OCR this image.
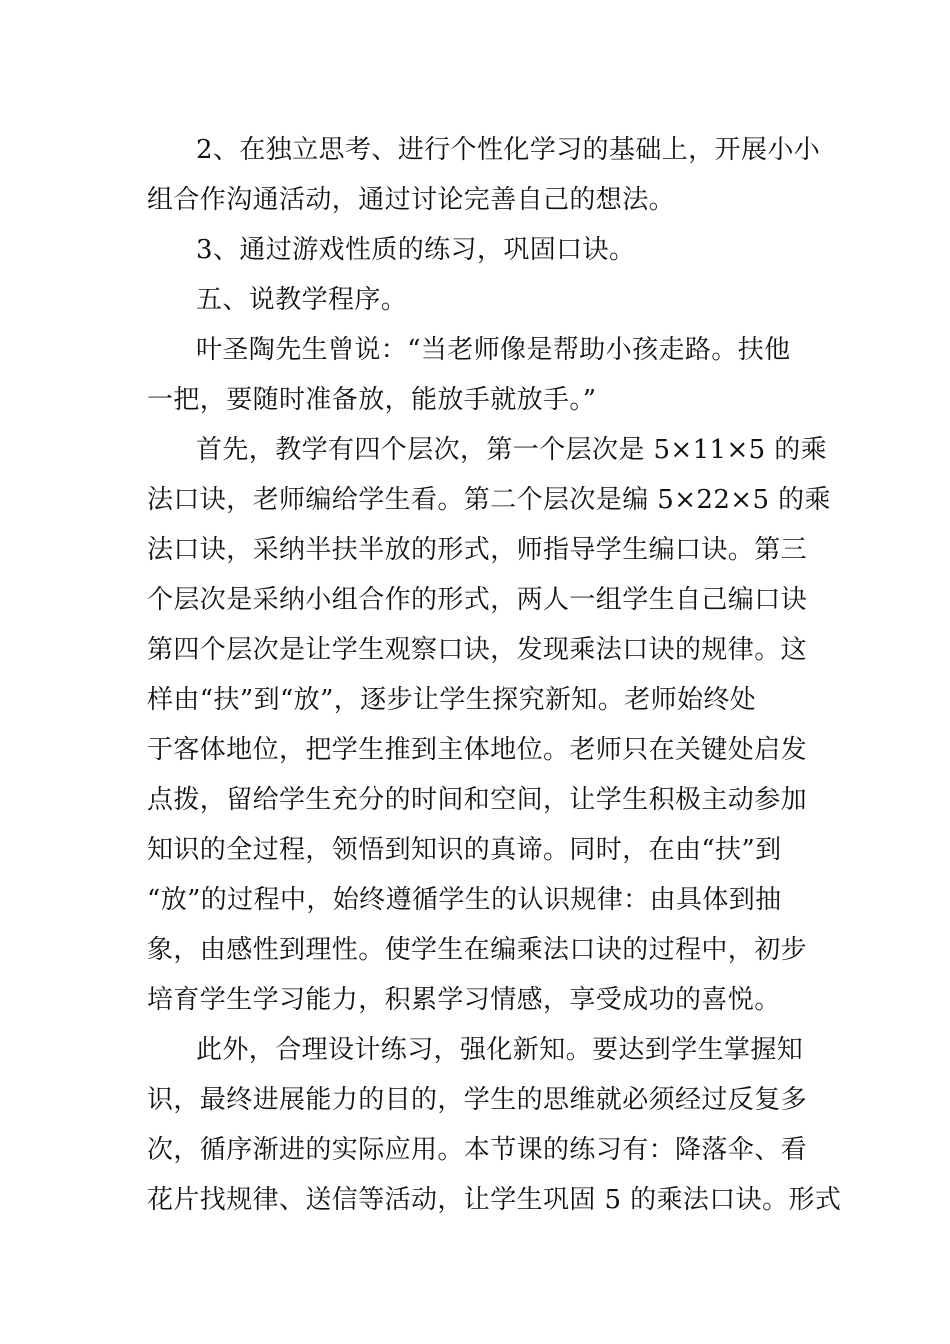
2、在独立思考、进行个性化学习的基础上，开展小小
组合作沟通活动，通过讨论完善自己的想法。
3、通过游戏性质的练习，巩固口诀。
五、说教学程序。
叶圣陶先生曾说：“当老师像是帮助小孩走路。扶他
一把，要随时准备放，能放手就放手。”
首先，教学有四个层次，第一个层次是 5×11×5 的乘
法口诀，老师编给学生看。第二个层次是编 5×22×5 的乘
法口诀，采纳半扶半放的形式，师指导学生编口诀。第三
个层次是采纳小组合作的形式，两人一组学生自己编口诀
第四个层次是让学生观察口诀，发现乘法口诀的规律。这
样由“扶”到“放”，逐步让学生探究新知。老师始终处
于客体地位，把学生推到主体地位。老师只在关键处启发
点拨，留给学生充分的时间和空间，让学生积极主动参加
知识的全过程，领悟到知识的真谛。同时，在由“扶”到
“放”的过程中，始终遵循学生的认识规律：由具体到抽
象，由感性到理性。使学生在编乘法口诀的过程中，初步
培育学生学习能力，积累学习情感，享受成功的喜悦。
此外，合理设计练习，强化新知。要达到学生掌握知
识，最终进展能力的目的，学生的思维就必须经过反复多
次，循序渐进的实际应用。本节课的练习有：降落伞、看
花片找规律、送信等活动，让学生巩固 5 的乘法口诀。形式
